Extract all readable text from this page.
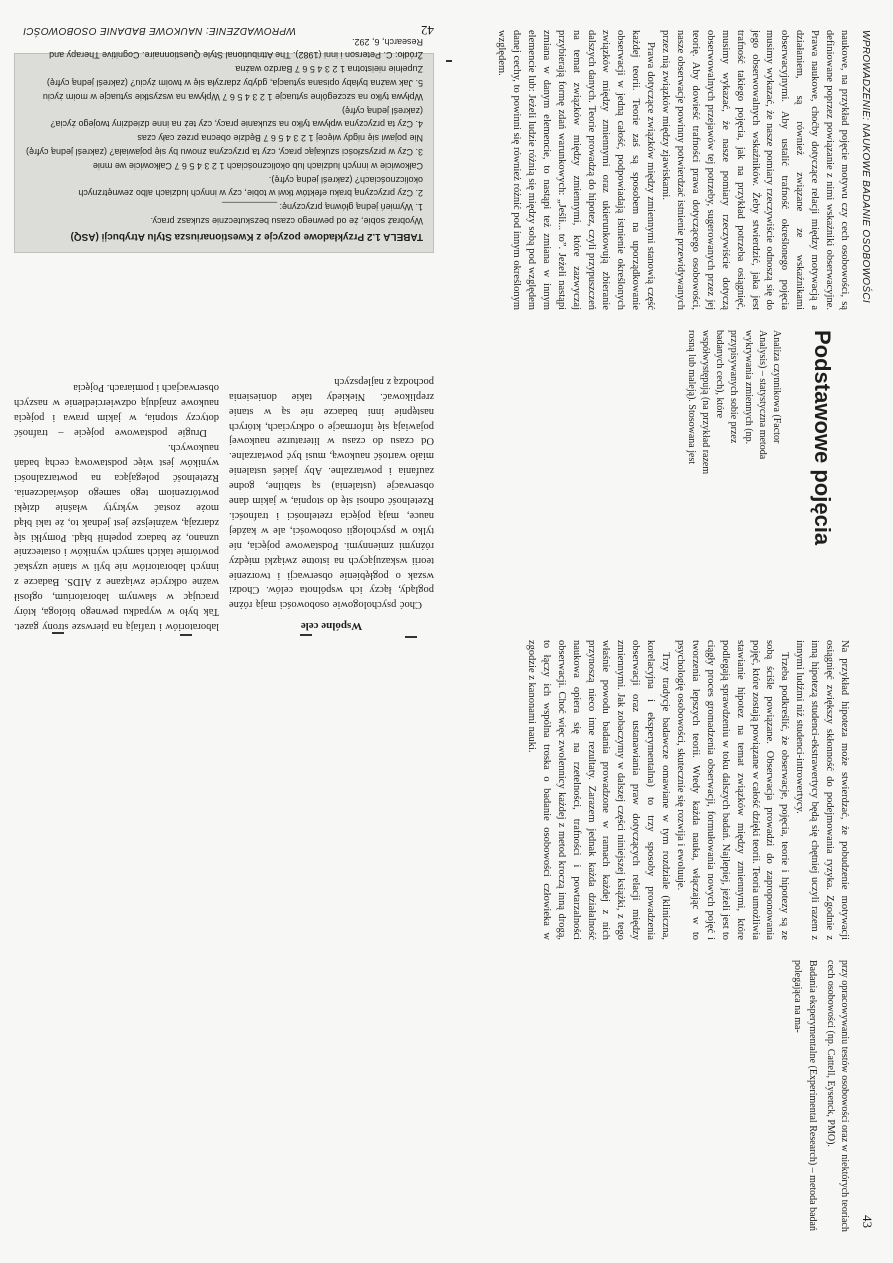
42
WPROWADZENIE: NAUKOWE BADANIE OSOBOWOŚCI

TABELA 1.2 Przykładowe pozycje z Kwestionariusza Stylu Atrybucji (ASQ)

Wyobraź sobie, że od pewnego czasu bezskutecznie szukasz pracy.

1. Wymień jedną główną przyczynę: ___________

2. Czy przyczyną braku efektów tkwi w tobie, czy w innych ludziach albo zewnętrznych okolicznościach? (zakreśl jedną cyfrę).

Całkowicie w innych ludziach lub okolicznościach 1 2 3 4 5 6 7 Całkowicie we mnie

3. Czy w przyszłości szukając pracy, czy ta przyczyna znowu by się pojawiała? (zakreśl jedną cyfrę)

Nie pojawi się nigdy więcej 1 2 3 4 5 6 7 Będzie obecna przez cały czas

4. Czy ta przyczyna wpływa tylko na szukanie pracy, czy też na inne dziedziny twojego życia? (zakreśl jedną cyfrę)

Wpływa tylko na szczególne sytuacje 1 2 3 4 5 6 7 Wpływa na wszystkie sytuacje w moim życiu

5. Jak ważna byłaby opisana sytuacja, gdyby zdarzyła się w twoim życiu? (zakreśl jedną cyfrę)

Zupełnie nieistotna 1 2 3 4 5 6 7 Bardzo ważna

Źródło: C. Peterson i inni (1982). The Attributional Style Questionnaire. Cognitive Therapy and Research, 6, 292.

Wspólne cele

Choć psychologowie osobowości mają różne poglądy, łączy ich wspólnota celów. Chodzi wszak o pogłębienie obserwacji i tworzenie teorii wskazujących na istotne związki między różnymi zmiennymi. Podstawowe pojęcia, nie tylko w psychologii osobowości, ale w każdej nauce, mają pojęcia rzetelności i trafności. Rzetelność odnosi się do stopnia, w jakim dane obserwacje (ustalenia) są stabilne, godne zaufania i powtarzalne. Aby jakieś ustalenie miało wartość naukową, musi być powtarzalne. Od czasu do czasu w literaturze naukowej pojawiają się informacje o odkryciach, których następnie inni badacze nie są w stanie zreplikować. Niekiedy takie doniesienia pochodzą z najlepszych

laboratoriów i trafiają na pierwsze strony gazet. Tak było w wypadku pewnego biologa, który pracując w sławnym laboratorium, ogłosił ważne odkrycie związane z AIDS. Badacze z innych laboratoriów nie byli w stanie uzyskać powtórnie takich samych wyników i ostatecznie uznano, że badacz popełnił błąd. Pomyłki się zdarzają, ważniejsze jest jednak to, że taki błąd może zostać wykryty właśnie dzięki powtórzeniom tego samego doświadczenia. Rzetelność polegająca na powtarzalności wyników jest więc podstawową cechą badań naukowych.

Drugie podstawowe pojęcie – trafność dotyczy stopnia, w jakim prawa i pojęcia naukowe znajdują odzwierciedlenie w naszych obserwacjach i pomiarach. Pojęcia

WPROWADZENIE: NAUKOWE BADANIE OSOBOWOŚCI
43

naukowe, na przykład pojęcie motywu czy cech osobowości, są definiowane poprzez powiązanie z nimi wskaźniki obserwacyjne. Prawa naukowe, choćby dotyczące relacji między motywacją a działaniem, są również związane ze wskaźnikami obserwacyjnymi. Aby ustalić trafność określonego pojęcia musimy wykazać, że nasze pomiary rzeczywiście odnoszą się do jego obserwowalnych wskaźników. Żeby stwierdzić, jaka jest trafność takiego pojęcia, jak na przykład potrzeba osiągnięć, musimy wykazać, że nasze pomiary rzeczywiście dotyczą obserwowalnych przejawów tej potrzeby, sugerowanych przez jej teorię. Aby dowieść trafności prawa dotyczącego osobowości, nasze obserwacje powinny potwierdzać istnienie przewidywanych przez nią związków między zjawiskami.

Prawa dotyczące związków między zmiennymi stanowią część każdej teorii. Teorie zaś są sposobem na uporządkowanie obserwacji w jedną całość, podpowiadają istnienie określonych związków między zmiennymi oraz ukierunkowują zbieranie dalszych danych. Teorie prowadzą do hipotez, czyli przypuszczeń na temat związków między zmiennymi, które zazwyczaj przybierają formę zdań warunkowych: „Jeśli... to”. Jeżeli nastąpi zmiana w danym elemencie, to nastąpi też zmiana w innym elemencie lub: Jeżeli ludzie różnią się między sobą pod względem danej cechy, to powinni się również różnić pod innym określonym względem.

Podstawowe pojęcia

Analiza czynnikowa (Factor Analysis) – statystyczna metoda wykrywania zmiennych (np. przypisywanych sobie przez badanych cech), które współwystępują (na przykład razem rosną lub maleją). Stosowana jest

Na przykład hipoteza może stwierdzać, że pobudzenie motywacji osiągnięć zwiększy skłonność do podejmowania ryzyka. Zgodnie z inną hipotezą studenci-ekstrawertycy będą się chętniej uczyli razem z innymi ludźmi niż studenci-introwertycy.

Trzeba podkreślić, że obserwacje, pojęcia, teorie i hipotezy są ze sobą ściśle powiązane. Obserwacja prowadzi do zaproponowania pojęć, które zostają powiązane w całość dzięki teorii. Teoria umożliwia stawianie hipotez na temat związków między zmiennymi, które podlegają sprawdzeniu w toku dalszych badań. Najlepiej, jeżeli jest to ciągły proces gromadzenia obserwacji, formułowania nowych pojęć i tworzenia lepszych teorii. Wtedy każda nauka, włączając w to psychologię osobowości, skutecznie się rozwija i ewoluuje.

Trzy tradycje badawcze omawiane w tym rozdziale (kliniczna, korelacyjna i eksperymentalna) to trzy sposoby prowadzenia obserwacji oraz ustanawiania praw dotyczących relacji między zmiennymi. Jak zobaczymy w dalszej części niniejszej książki, z tego właśnie powodu badania prowadzone w ramach każdej z nich przynoszą nieco inne rezultaty. Zarazem jednak każda działalność naukowa opiera się na rzetelności, trafności i powtarzalności obserwacji. Choć więc zwolennicy każdej z metod kroczą inną drogą, to łączy ich wspólna troska o badanie osobowości człowieka w zgodzie z kanonami nauki.

przy opracowywaniu testów osobowości oraz w niektórych teoriach cech osobowości (np. Cattell, Eysenck, PMO).

Badania eksperymentalne (Experimental Research) – metoda badań polegająca na ma-
